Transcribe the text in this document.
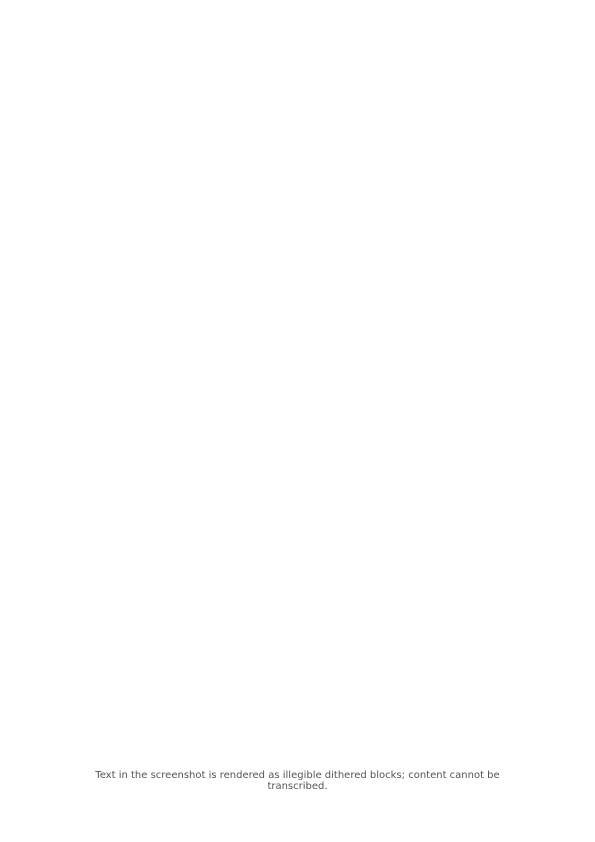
Text in the screenshot is rendered as illegible dithered blocks; content cannot be transcribed.
